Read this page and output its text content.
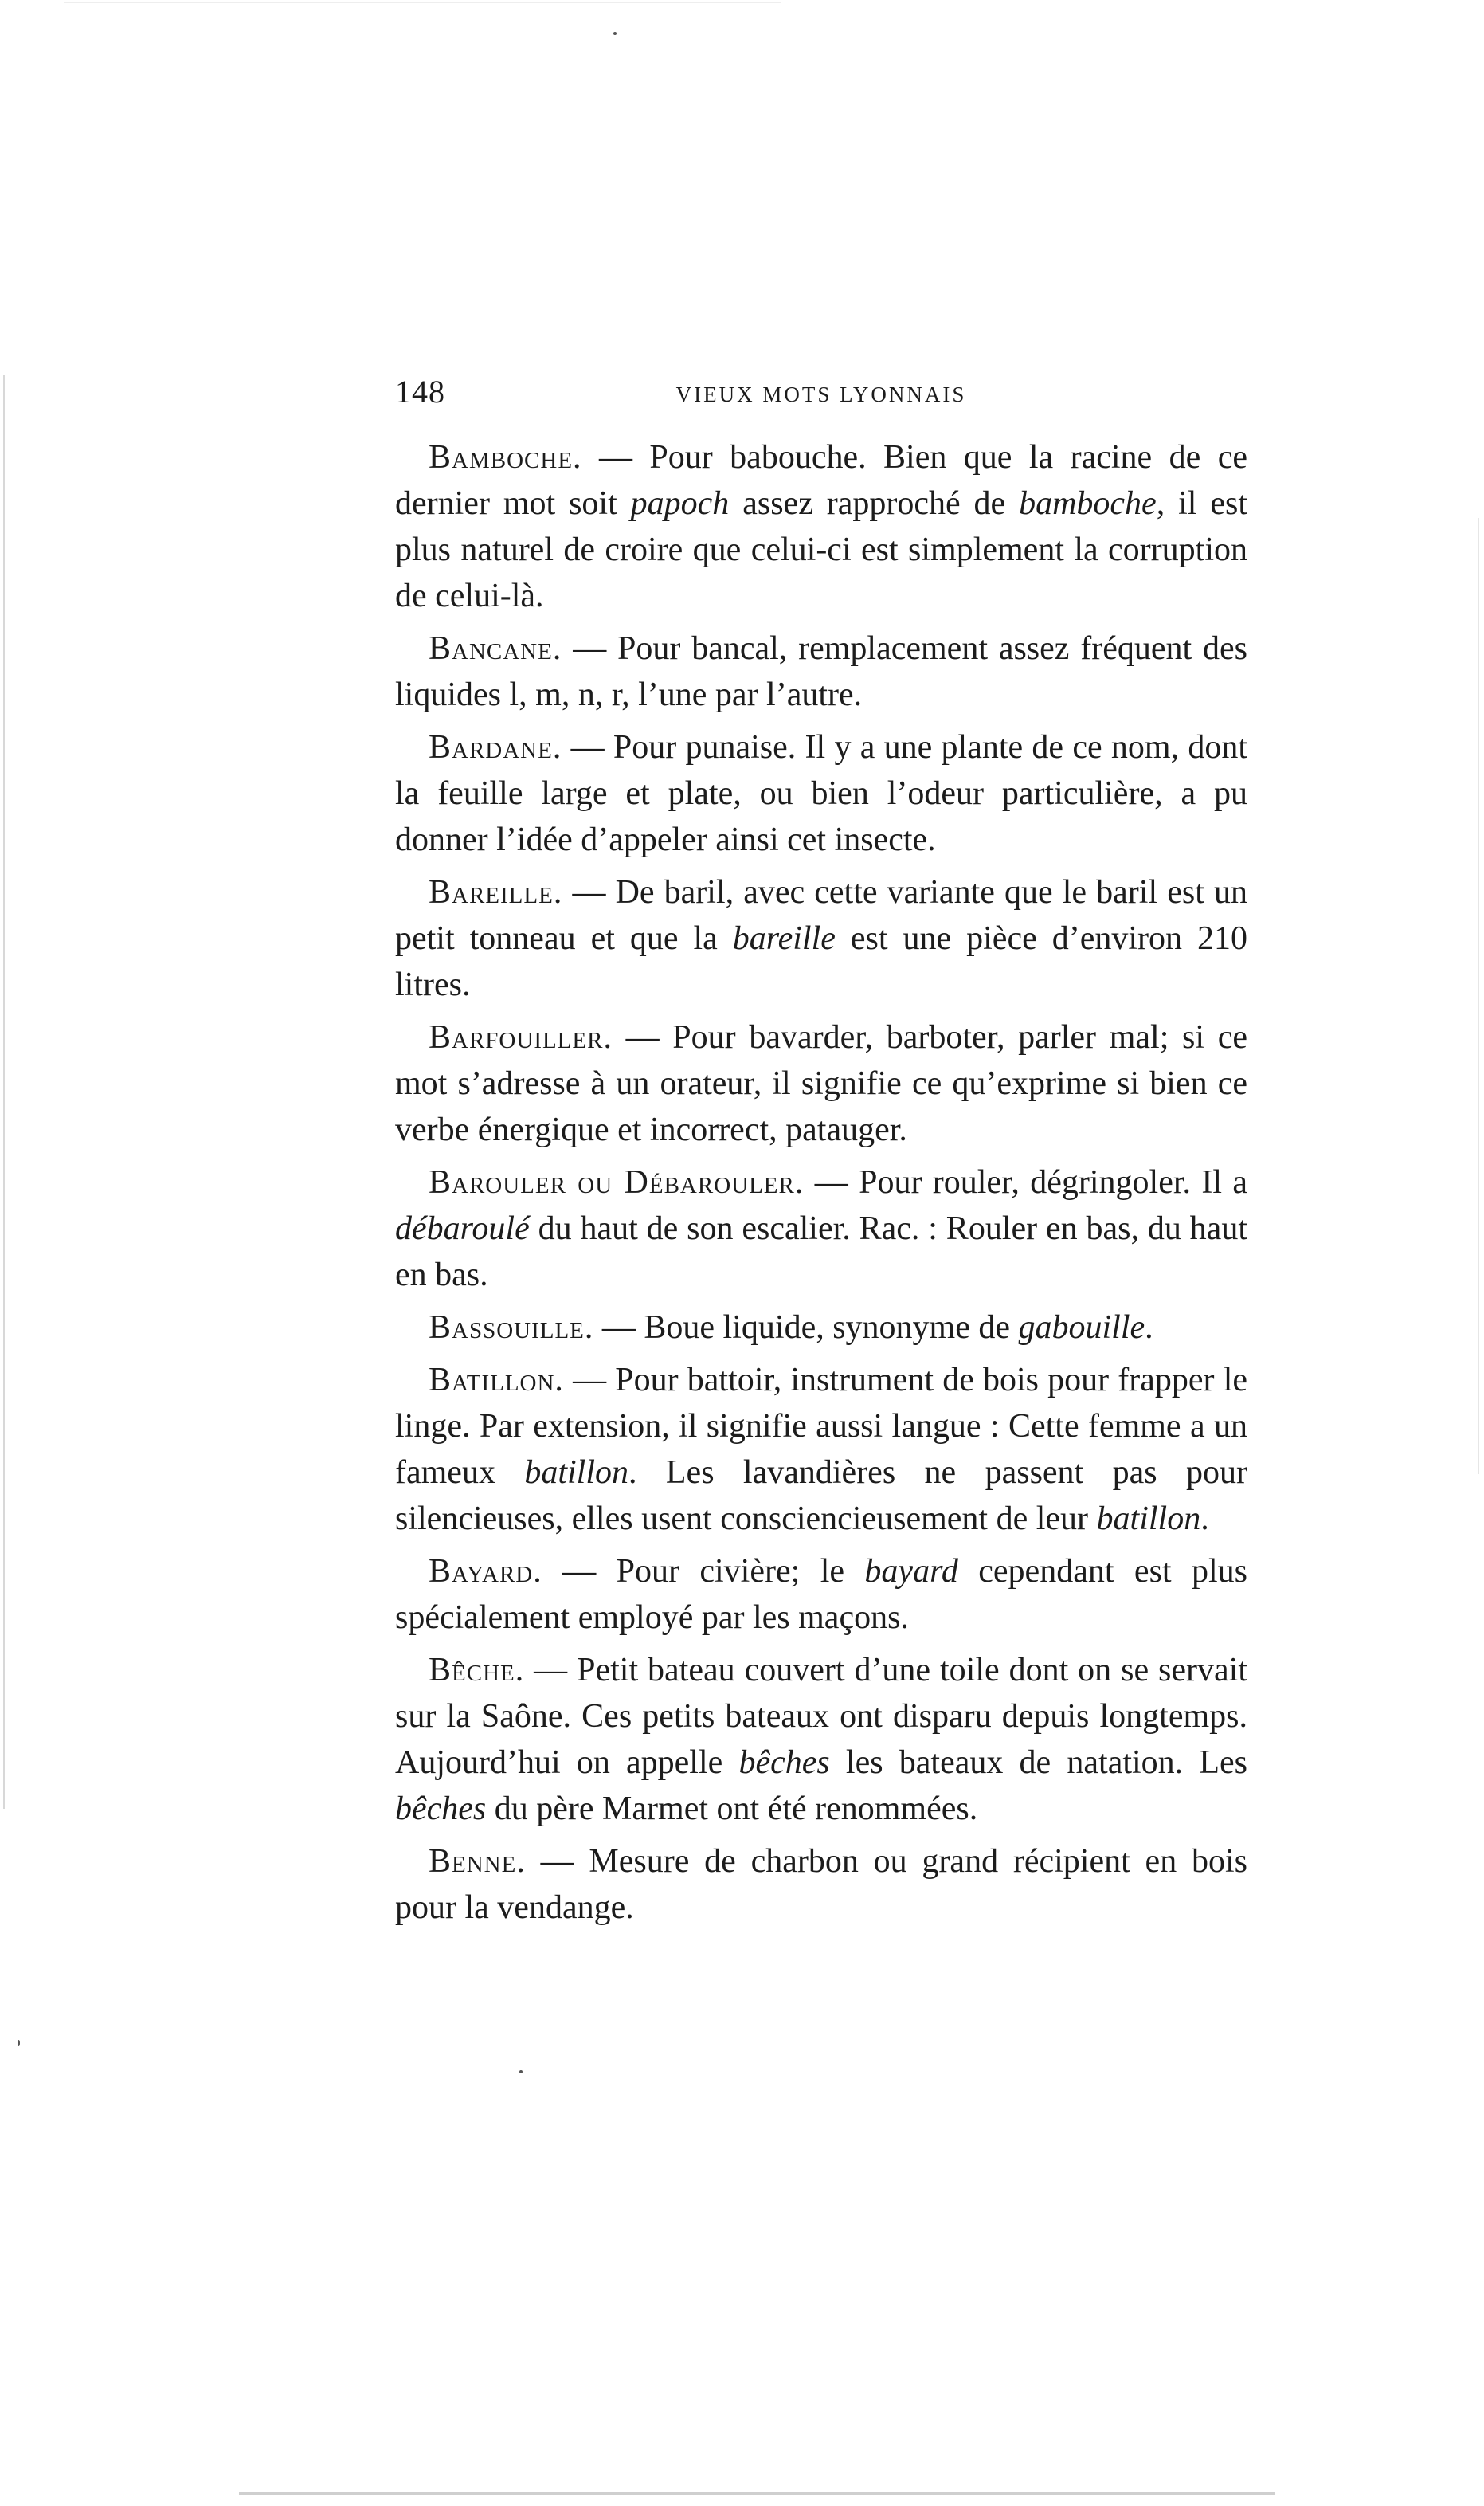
148	VIEUX MOTS LYONNAIS

Bamboche. — Pour babouche. Bien que la racine de ce dernier mot soit papoch assez rapproché de bamboche, il est plus naturel de croire que celui-ci est simplement la corruption de celui-là.

Bancane. — Pour bancal, remplacement assez fréquent des liquides l, m, n, r, l’une par l’autre.

Bardane. — Pour punaise. Il y a une plante de ce nom, dont la feuille large et plate, ou bien l’odeur particulière, a pu donner l’idée d’appeler ainsi cet insecte.

Bareille. — De baril, avec cette variante que le baril est un petit tonneau et que la bareille est une pièce d’environ 210 litres.

Barfouiller. — Pour bavarder, barboter, parler mal; si ce mot s’adresse à un orateur, il signifie ce qu’exprime si bien ce verbe énergique et incorrect, patauger.

Barouler ou Débarouler. — Pour rouler, dégringoler. Il a débaroulé du haut de son escalier. Rac. : Rouler en bas, du haut en bas.

Bassouille. — Boue liquide, synonyme de gabouille.

Batillon. — Pour battoir, instrument de bois pour frapper le linge. Par extension, il signifie aussi langue : Cette femme a un fameux batillon. Les lavandières ne passent pas pour silencieuses, elles usent consciencieusement de leur batillon.

Bayard. — Pour civière; le bayard cependant est plus spécialement employé par les maçons.

Bêche. — Petit bateau couvert d’une toile dont on se servait sur la Saône. Ces petits bateaux ont disparu depuis longtemps. Aujourd’hui on appelle bêches les bateaux de natation. Les bêches du père Marmet ont été renommées.

Benne. — Mesure de charbon ou grand récipient en bois pour la vendange.
